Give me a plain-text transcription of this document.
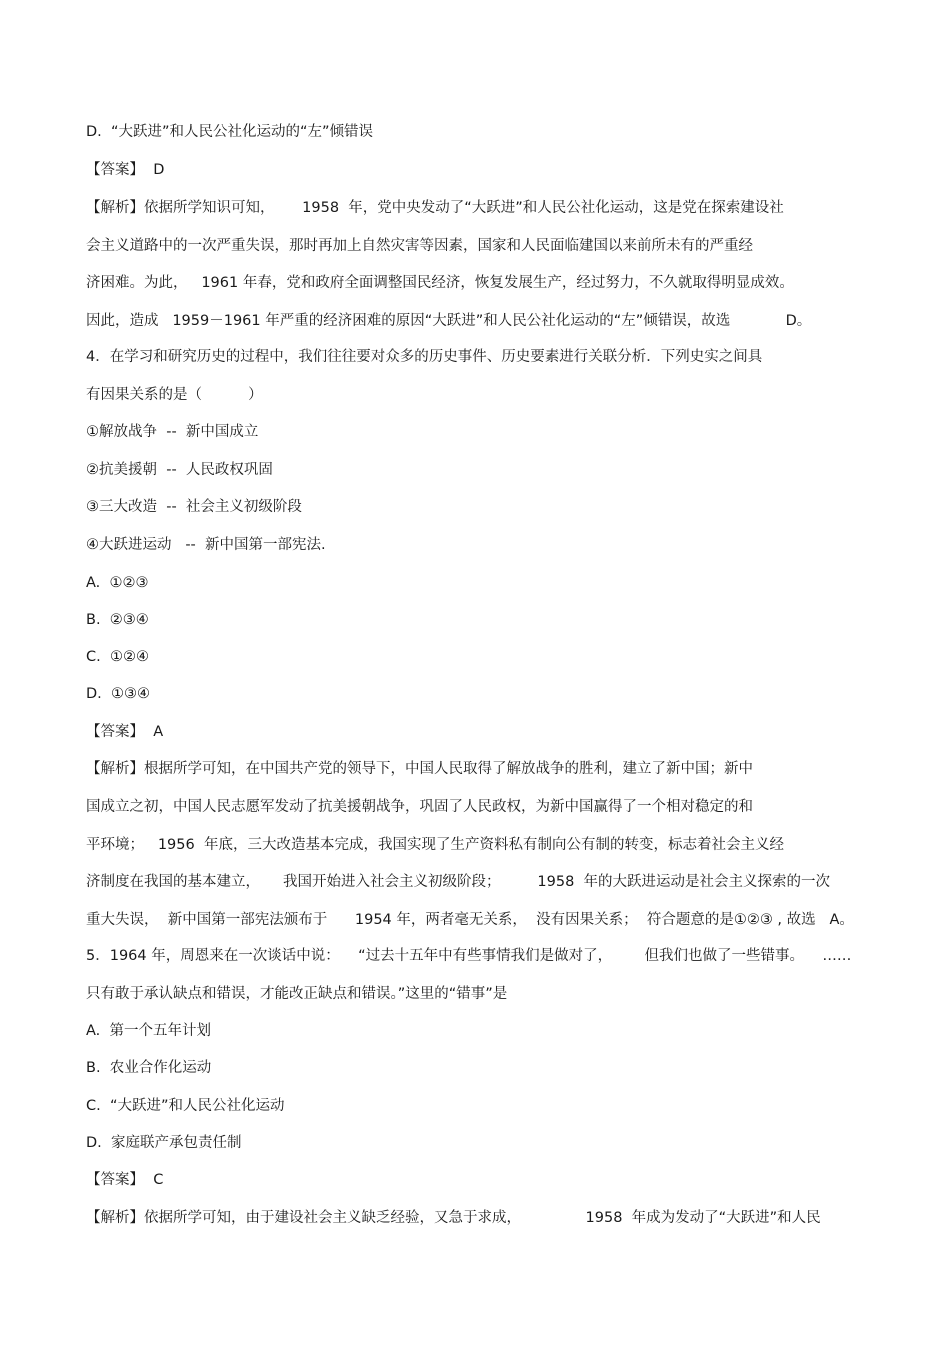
D.  “大跃进”和人民公社化运动的“左”倾错误
【答案】  D
【解析】依据所学知识可知，      1958  年，党中央发动了“大跃进”和人民公社化运动，这是党在探索建设社
会主义道路中的一次严重失误，那时再加上自然灾害等因素，国家和人民面临建国以来前所未有的严重经
济困难。为此，   1961 年春，党和政府全面调整国民经济，恢复发展生产，经过努力，不久就取得明显成效。
因此，造成   1959－1961 年严重的经济困难的原因“大跃进”和人民公社化运动的“左”倾错误，故选            D。
4．在学习和研究历史的过程中，我们往往要对众多的历史事件、历史要素进行关联分析．下列史实之间具
有因果关系的是（          ）
①解放战争  --  新中国成立
②抗美援朝  --  人民政权巩固
③三大改造  --  社会主义初级阶段
④大跃进运动   --  新中国第一部宪法.
A.  ①②③
B.  ②③④
C.  ①②④
D.  ①③④
【答案】  A
【解析】根据所学可知，在中国共产党的领导下，中国人民取得了解放战争的胜利，建立了新中国；新中
国成立之初，中国人民志愿军发动了抗美援朝战争，巩固了人民政权，为新中国赢得了一个相对稳定的和
平环境；   1956  年底，三大改造基本完成，我国实现了生产资料私有制向公有制的转变，标志着社会主义经
济制度在我国的基本建立，     我国开始进入社会主义初级阶段；        1958  年的大跃进运动是社会主义探索的一次
重大失误，  新中国第一部宪法颁布于      1954 年，两者毫无关系，  没有因果关系；  符合题意的是①②③ , 故选   A。
5．1964 年，周恩来在一次谈话中说：    “过去十五年中有些事情我们是做对了，       但我们也做了一些错事。    ……
只有敢于承认缺点和错误，才能改正缺点和错误。”这里的“错事”是
A.  第一个五年计划
B.  农业合作化运动
C.  “大跃进”和人民公社化运动
D.  家庭联产承包责任制
【答案】  C
【解析】依据所学可知，由于建设社会主义缺乏经验，又急于求成，              1958  年成为发动了“大跃进”和人民
